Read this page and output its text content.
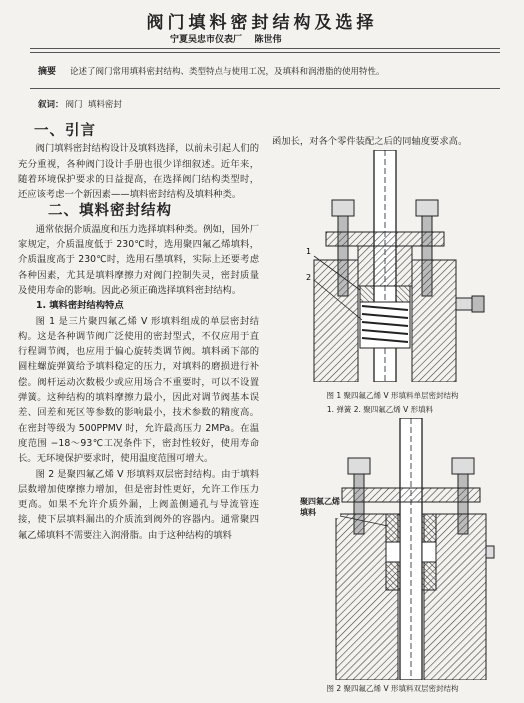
阀门填料密封结构及选择
宁夏吴忠市仪表厂    陈世伟
摘要 论述了阀门常用填料密封结构、类型特点与使用工况，及填料和润滑脂的使用特性。
叙词： 阀门  填料密封
一、引言

阀门填料密封结构设计及填料选择，以前未引起人们的充分重视，各种阀门设计手册也很少详细叙述。近年来，随着环境保护要求的日益提高，在选择阀门结构类型时，还应该考虑一个新因素——填料密封结构及填料种类。

二、填料密封结构

通常依据介质温度和压力选择填料种类。例如，国外厂家规定，介质温度低于 230℃时，选用聚四氟乙烯填料，介质温度高于 230℃时，选用石墨填料，实际上还要考虑各种因素，尤其是填料摩擦力对阀门控制失灵，密封质量及使用寿命的影响。因此必须正确选择填料密封结构。

1. 填料密封结构特点

图 1 是三片聚四氟乙烯 V 形填料组成的单层密封结构。这是各种调节阀广泛使用的密封型式，不仅应用于直行程调节阀，也应用于偏心旋转类调节阀。填料函下部的圆柱螺旋弹簧给予填料稳定的压力，对填料的磨损进行补偿。阀杆运动次数极少或应用场合不重要时，可以不设置弹簧。这种结构的填料摩擦力最小，因此对调节阀基本误差、回差和死区等参数的影响最小，技术参数的精度高。在密封等级为 500PPMV 时，允许最高压力 2MPa。在温度范围 −18～93℃工况条件下，密封性较好，使用寿命长。无环境保护要求时，使用温度范围可增大。

图 2 是聚四氟乙烯 V 形填料双层密封结构。由于填料层数增加使摩擦力增加，但是密封性更好，允许工作压力更高。如果不允许介质外漏，上阀盖侧通孔与导流管连接，使下层填料漏出的介质流到阀外的容器内。通常聚四氟乙烯填料不需要注入润滑脂。由于这种结构的填料

函加长，对各个零件装配之后的同轴度要求高。
1
2
图 1 聚四氟乙烯 V 形填料单层密封结构
1. 弹簧 2. 聚四氟乙烯 V 形填料
聚四氟乙烯
填料
图 2 聚四氟乙烯 V 形填料双层密封结构
